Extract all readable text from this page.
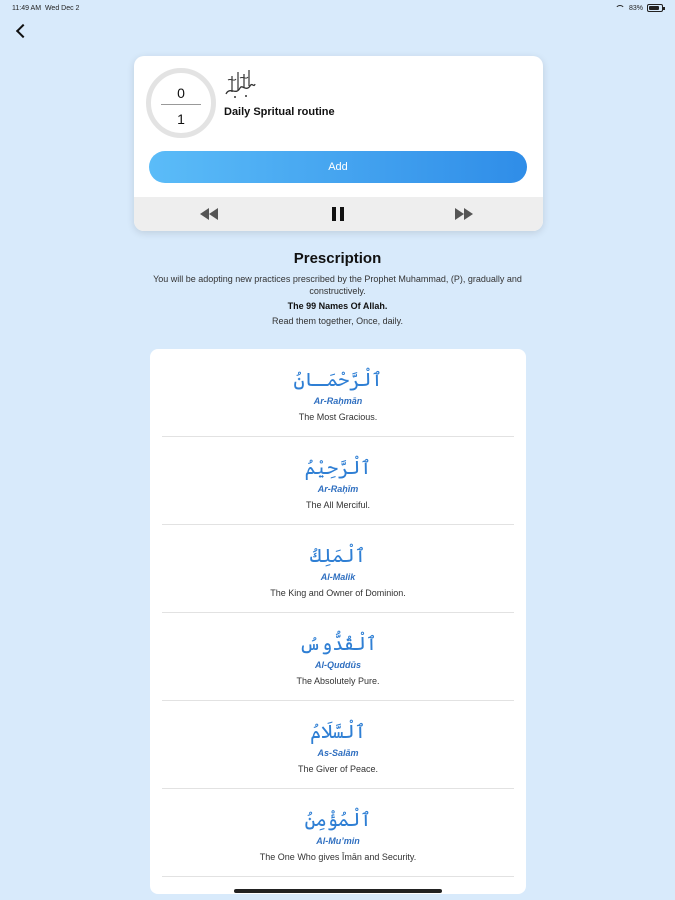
11:49 AM Wed Dec 2	83%
0
1	Daily Spritual routine
Add
Prescription
You will be adopting new practices prescribed by the Prophet Muhammad, (P), gradually and constructively.
The 99 Names Of Allah.
Read them together, Once, daily.
ٱلْرَّحْمَـانُ
Ar-Raḥmān
The Most Gracious.
ٱلْرَّحِيْمُ
Ar-Raḥīm
The All Merciful.
ٱلْمَلِكُ
Al-Malik
The King and Owner of Dominion.
ٱلْقُدُّوسُ
Al-Quddūs
The Absolutely Pure.
ٱلْسَّلَامُ
As-Salām
The Giver of Peace.
ٱلْمُؤْمِنُ
Al-Mu’min
The One Who gives Īmān and Security.
